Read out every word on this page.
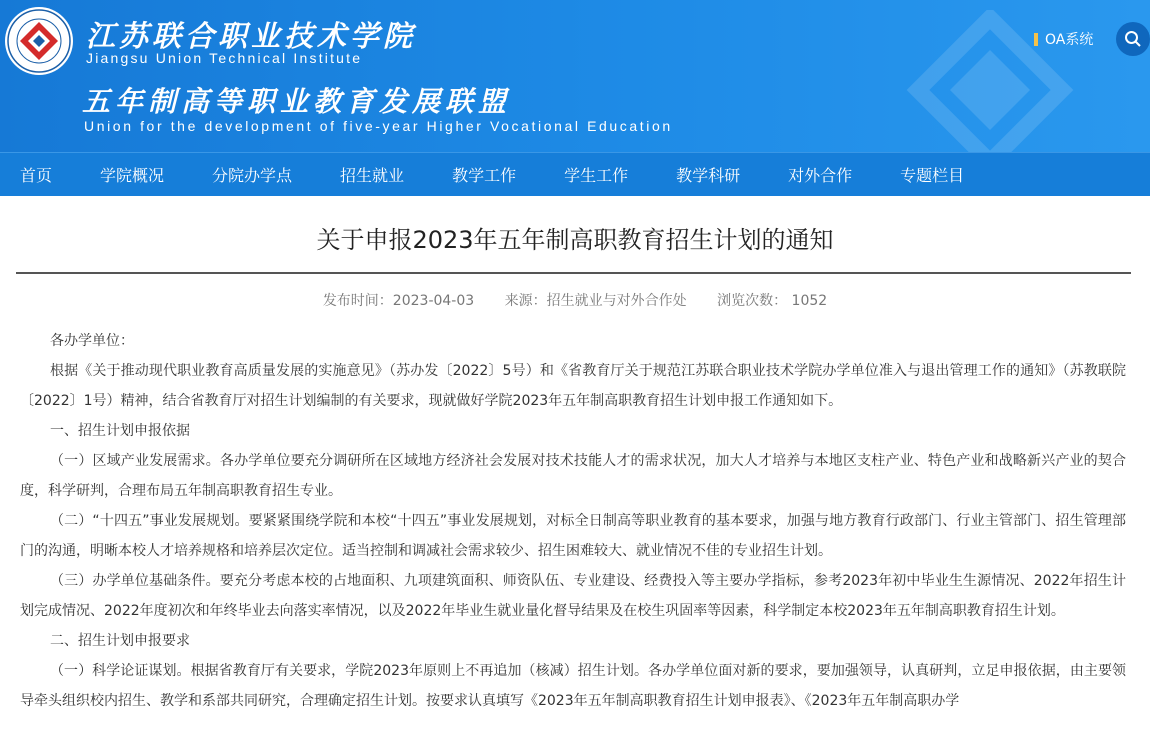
江苏联合职业技术学院
Jiangsu Union Technical Institute
五年制高等职业教育发展联盟
Union for the development of five-year Higher Vocational Education
OA系统
首页	学院概况	分院办学点	招生就业	教学工作	学生工作	教学科研	对外合作	专题栏目
关于申报2023年五年制高职教育招生计划的通知
发布时间：2023-04-03 来源：招生就业与对外合作处 浏览次数： 1052

各办学单位：

根据《关于推动现代职业教育高质量发展的实施意见》（苏办发〔2022〕5号）和《省教育厅关于规范江苏联合职业技术学院办学单位准入与退出管理工作的通知》（苏教联院〔2022〕1号）精神，结合省教育厅对招生计划编制的有关要求，现就做好学院2023年五年制高职教育招生计划申报工作通知如下。

一、招生计划申报依据

（一）区域产业发展需求。各办学单位要充分调研所在区域地方经济社会发展对技术技能人才的需求状况，加大人才培养与本地区支柱产业、特色产业和战略新兴产业的契合度，科学研判，合理布局五年制高职教育招生专业。

（二）“十四五”事业发展规划。要紧紧围绕学院和本校“十四五”事业发展规划，对标全日制高等职业教育的基本要求，加强与地方教育行政部门、行业主管部门、招生管理部门的沟通，明晰本校人才培养规格和培养层次定位。适当控制和调减社会需求较少、招生困难较大、就业情况不佳的专业招生计划。

（三）办学单位基础条件。要充分考虑本校的占地面积、九项建筑面积、师资队伍、专业建设、经费投入等主要办学指标，参考2023年初中毕业生生源情况、2022年招生计划完成情况、2022年度初次和年终毕业去向落实率情况，以及2022年毕业生就业量化督导结果及在校生巩固率等因素，科学制定本校2023年五年制高职教育招生计划。

二、招生计划申报要求

（一）科学论证谋划。根据省教育厅有关要求，学院2023年原则上不再追加（核减）招生计划。各办学单位面对新的要求，要加强领导，认真研判，立足申报依据，由主要领导牵头组织校内招生、教学和系部共同研究，合理确定招生计划。按要求认真填写《2023年五年制高职教育招生计划申报表》、《2023年五年制高职办学
